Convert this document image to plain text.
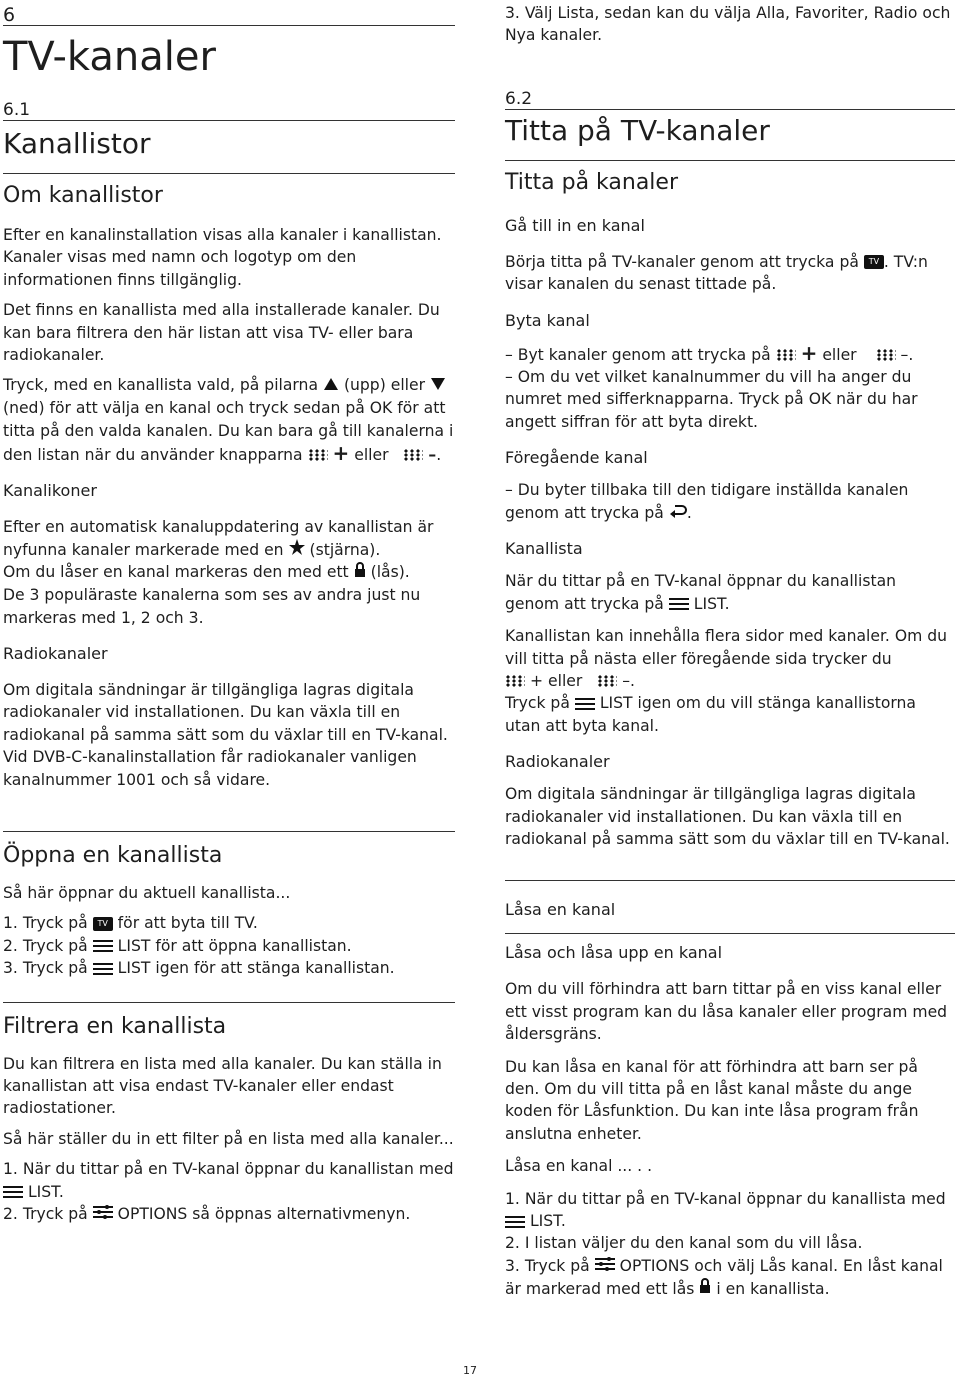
6
TV-kanaler
6.1
Kanallistor
Om kanallistor

Efter en kanalinstallation visas alla kanaler i kanallistan. Kanaler visas med namn och logotyp om den informationen finns tillgänglig.

Det finns en kanallista med alla installerade kanaler. Du kan bara filtrera den här listan att visa TV- eller bara radiokanaler.

Tryck, med en kanallista vald, på pilarna (upp) eller  (ned) för att välja en kanal och tryck sedan på OK för att titta på den valda kanalen. Du kan bara gå till kanalerna i den listan när du använder knapparna + eller	–.

Kanalikoner

Efter en automatisk kanaluppdatering av kanallistan är nyfunna kanaler markerade med en (stjärna).
Om du låser en kanal markeras den med ett (lås).
De 3 populäraste kanalerna som ses av andra just nu markeras med 1, 2 och 3.

Radiokanaler

Om digitala sändningar är tillgängliga lagras digitala radiokanaler vid installationen. Du kan växla till en radiokanal på samma sätt som du växlar till en TV-kanal. Vid DVB-C-kanalinstallation får radiokanaler vanligen kanalnummer 1001 och så vidare.

Öppna en kanallista

Så här öppnar du aktuell kanallista...

1. Tryck på TV för att byta till TV.
2. Tryck på LIST för att öppna kanallistan.
3. Tryck på LIST igen för att stänga kanallistan.

Filtrera en kanallista

Du kan filtrera en lista med alla kanaler. Du kan ställa in kanallistan att visa endast TV-kanaler eller endast radiostationer.

Så här ställer du in ett filter på en lista med alla kanaler...

1. När du tittar på en TV-kanal öppnar du kanallistan med  LIST.
2. Tryck på OPTIONS så öppnas alternativmenyn.

3. Välj Lista, sedan kan du välja Alla, Favoriter, Radio och Nya kanaler.

6.2
Titta på TV-kanaler
Titta på kanaler
Gå till in en kanal

Börja titta på TV-kanaler genom att trycka på TV . TV:n visar kanalen du senast tittade på.

Byta kanal

– Byt kanaler genom att trycka på + eller	–.
– Om du vet vilket kanalnummer du vill ha anger du numret med sifferknapparna. Tryck på OK när du har angett siffran för att byta direkt.

Föregående kanal

– Du byter tillbaka till den tidigare inställda kanalen genom att trycka på .

Kanallista

När du tittar på en TV-kanal öppnar du kanallistan genom att trycka på LIST.

Kanallistan kan innehålla flera sidor med kanaler. Om du vill titta på nästa eller föregående sida trycker du
+ eller	–.
Tryck på LIST igen om du vill stänga kanallistorna utan att byta kanal.

Radiokanaler

Om digitala sändningar är tillgängliga lagras digitala radiokanaler vid installationen. Du kan växla till en radiokanal på samma sätt som du växlar till en TV-kanal.

Låsa en kanal
Låsa och låsa upp en kanal

Om du vill förhindra att barn tittar på en viss kanal eller ett visst program kan du låsa kanaler eller program med åldersgräns.

Du kan låsa en kanal för att förhindra att barn ser på den. Om du vill titta på en låst kanal måste du ange koden för Låsfunktion. Du kan inte låsa program från anslutna enheter.

Låsa en kanal ... . .

1. När du tittar på en TV-kanal öppnar du kanallista med  LIST.
2. I listan väljer du den kanal som du vill låsa.
3. Tryck på OPTIONS och välj Lås kanal. En låst kanal är markerad med ett lås i en kanallista.

17
